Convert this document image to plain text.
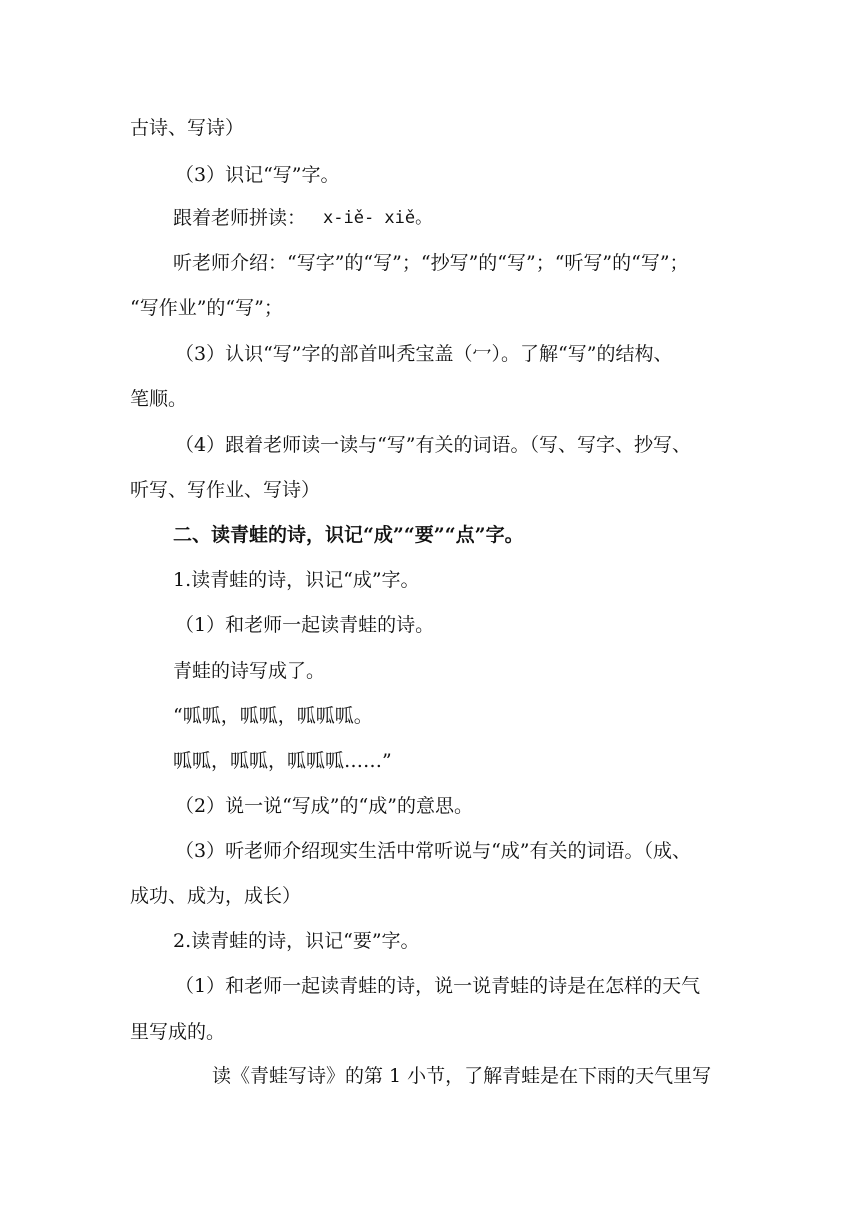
古诗、写诗）
（3）识记“写”字。
跟着老师拼读： x-iě- xiě。
听老师介绍：“写字”的“写”；“抄写”的“写”；“听写”的“写”；
“写作业”的“写”；
（3）认识“写”字的部首叫秃宝盖（冖）。了解“写”的结构、
笔顺。
（4）跟着老师读一读与“写”有关的词语。（写、写字、抄写、
听写、写作业、写诗）
二、读青蛙的诗，识记“成”“要”“点”字。
1.读青蛙的诗，识记“成”字。
（1）和老师一起读青蛙的诗。
青蛙的诗写成了。
“呱呱，呱呱，呱呱呱。
呱呱，呱呱，呱呱呱……”
（2）说一说“写成”的“成”的意思。
（3）听老师介绍现实生活中常听说与“成”有关的词语。（成、
成功、成为，成长）
2.读青蛙的诗，识记“要”字。
（1）和老师一起读青蛙的诗，说一说青蛙的诗是在怎样的天气
里写成的。
读《青蛙写诗》的第 1 小节，了解青蛙是在下雨的天气里写
